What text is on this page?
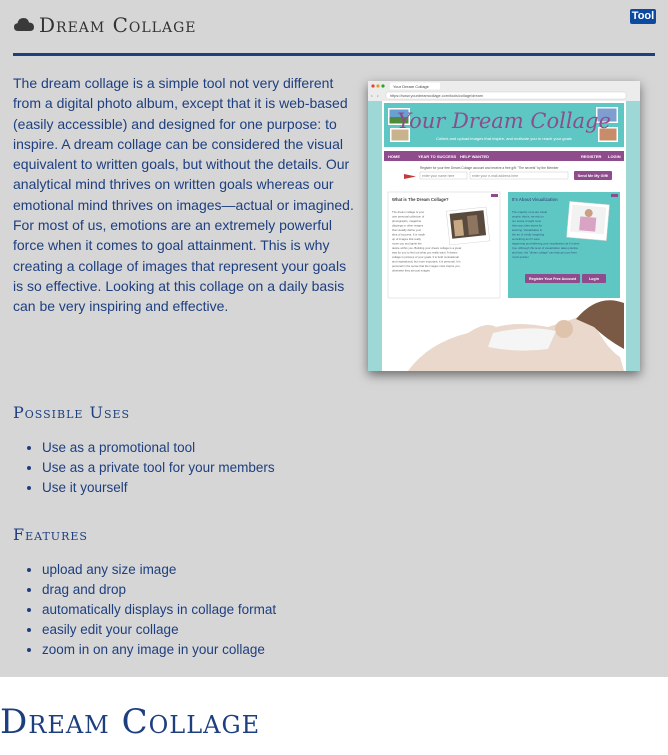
Dream Collage	Tool

The dream collage is a simple tool not very different from a digital photo album, except that it is web-based (easily accessible) and designed for one purpose: to inspire. A dream collage can be considered the visual equivalent to written goals, but without the details. Our analytical mind thrives on written goals whereas our emotional mind thrives on images—actual or imagined. For most of us, emotions are an extremely powerful force when it comes to goal attainment. This is why creating a collage of images that represent your goals is so effective. Looking at this collage on a daily basis can be very inspiring and effective.

Your Dream Collage
https://www.yourdreamcollage.com/tools/collage/dream
‹ ›
Your Dream Collage
Collect and upload images that inspire, and motivate you to reach your goals
HOME	YEAR TO SUCCESS HELP WANTED	REGISTER LOGIN
Register for your free Dream Collage account and receive a free gift: "The secrets" by the Member
enter your name here	enter your e-mail address here	Send Me My Gift!
What is The Dream Collage?
The dream collage is your
own personal collection of
photographs, magazine
clippings or other images
that visually define your
idea of success. It is made
up of images that really
move you and ignite the
desire within you. Building your dream collage is a great
way for you to find out what you really want. A dream
collage is pictures of your goals. It is both motivational
and inspirational, but more important, it is personal. It is
personal in the sense that the images must inspire you,
otherwise they are just images
It's About Visualization
The majority of us are visual
people; that is, we rely on
our sense of sight more
than any other sense for
learning. Visualization is
the art of vividly imagining
something as if it were
happening and believing your visualization as if it were
true. Although this level of visualization takes practice
and time, the "dream collage" can help get you there
much quicker.
Register Your Free Account	Login
Possible Uses
• Use as a promotional tool
• Use as a private tool for your members
• Use it yourself
Features
• upload any size image
• drag and drop
• automatically displays in collage format
• easily edit your collage
• zoom in on any image in your collage
Dream Collage
